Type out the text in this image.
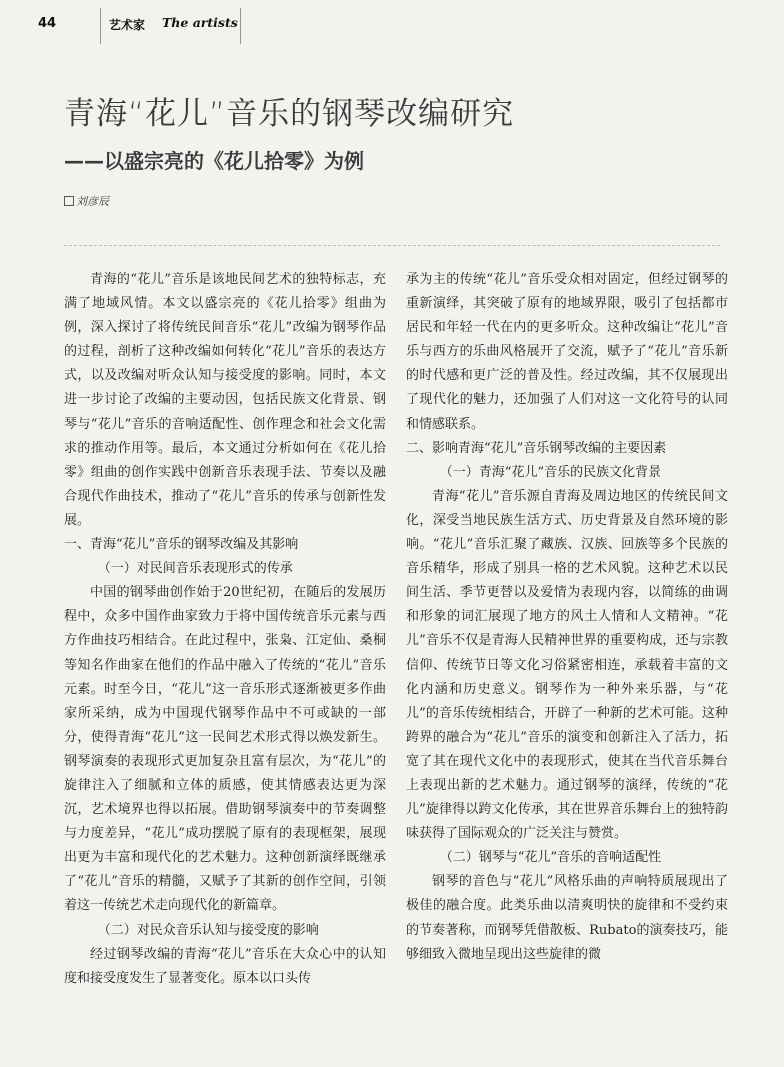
44	艺术家 The artists
青海“花儿”音乐的钢琴改编研究
——以盛宗亮的《花儿拾零》为例
刘彦辰

青海的“花儿”音乐是该地民间艺术的独特标志，充满了地域风情。本文以盛宗亮的《花儿拾零》组曲为例，深入探讨了将传统民间音乐“花儿”改编为钢琴作品的过程，剖析了这种改编如何转化“花儿”音乐的表达方式，以及改编对听众认知与接受度的影响。同时，本文进一步讨论了改编的主要动因，包括民族文化背景、钢琴与“花儿”音乐的音响适配性、创作理念和社会文化需求的推动作用等。最后，本文通过分析如何在《花儿拾零》组曲的创作实践中创新音乐表现手法、节奏以及融合现代作曲技术，推动了“花儿”音乐的传承与创新性发展。

一、青海“花儿”音乐的钢琴改编及其影响

（一）对民间音乐表现形式的传承

中国的钢琴曲创作始于20世纪初，在随后的发展历程中，众多中国作曲家致力于将中国传统音乐元素与西方作曲技巧相结合。在此过程中，张枭、江定仙、桑桐等知名作曲家在他们的作品中融入了传统的“花儿”音乐元素。时至今日，“花儿”这一音乐形式逐渐被更多作曲家所采纳，成为中国现代钢琴作品中不可或缺的一部分，使得青海“花儿”这一民间艺术形式得以焕发新生。钢琴演奏的表现形式更加复杂且富有层次，为“花儿”的旋律注入了细腻和立体的质感，使其情感表达更为深沉，艺术境界也得以拓展。借助钢琴演奏中的节奏调整与力度差异，“花儿”成功摆脱了原有的表现框架，展现出更为丰富和现代化的艺术魅力。这种创新演绎既继承了“花儿”音乐的精髓，又赋予了其新的创作空间，引领着这一传统艺术走向现代化的新篇章。

（二）对民众音乐认知与接受度的影响

经过钢琴改编的青海“花儿”音乐在大众心中的认知度和接受度发生了显著变化。原本以口头传

承为主的传统“花儿”音乐受众相对固定，但经过钢琴的重新演绎，其突破了原有的地域界限，吸引了包括都市居民和年轻一代在内的更多听众。这种改编让“花儿”音乐与西方的乐曲风格展开了交流，赋予了“花儿”音乐新的时代感和更广泛的普及性。经过改编，其不仅展现出了现代化的魅力，还加强了人们对这一文化符号的认同和情感联系。

二、影响青海“花儿”音乐钢琴改编的主要因素

（一）青海“花儿”音乐的民族文化背景

青海“花儿”音乐源自青海及周边地区的传统民间文化，深受当地民族生活方式、历史背景及自然环境的影响。“花儿”音乐汇聚了藏族、汉族、回族等多个民族的音乐精华，形成了别具一格的艺术风貌。这种艺术以民间生活、季节更替以及爱情为表现内容，以简练的曲调和形象的词汇展现了地方的风土人情和人文精神。“花儿”音乐不仅是青海人民精神世界的重要构成，还与宗教信仰、传统节日等文化习俗紧密相连，承载着丰富的文化内涵和历史意义。钢琴作为一种外来乐器，与“花儿”的音乐传统相结合，开辟了一种新的艺术可能。这种跨界的融合为“花儿”音乐的演变和创新注入了活力，拓宽了其在现代文化中的表现形式，使其在当代音乐舞台上表现出新的艺术魅力。通过钢琴的演绎，传统的“花儿”旋律得以跨文化传承，其在世界音乐舞台上的独特韵味获得了国际观众的广泛关注与赞赏。

（二）钢琴与“花儿”音乐的音响适配性

钢琴的音色与“花儿”风格乐曲的声响特质展现出了极佳的融合度。此类乐曲以清爽明快的旋律和不受约束的节奏著称，而钢琴凭借散板、Rubato的演奏技巧，能够细致入微地呈现出这些旋律的微
